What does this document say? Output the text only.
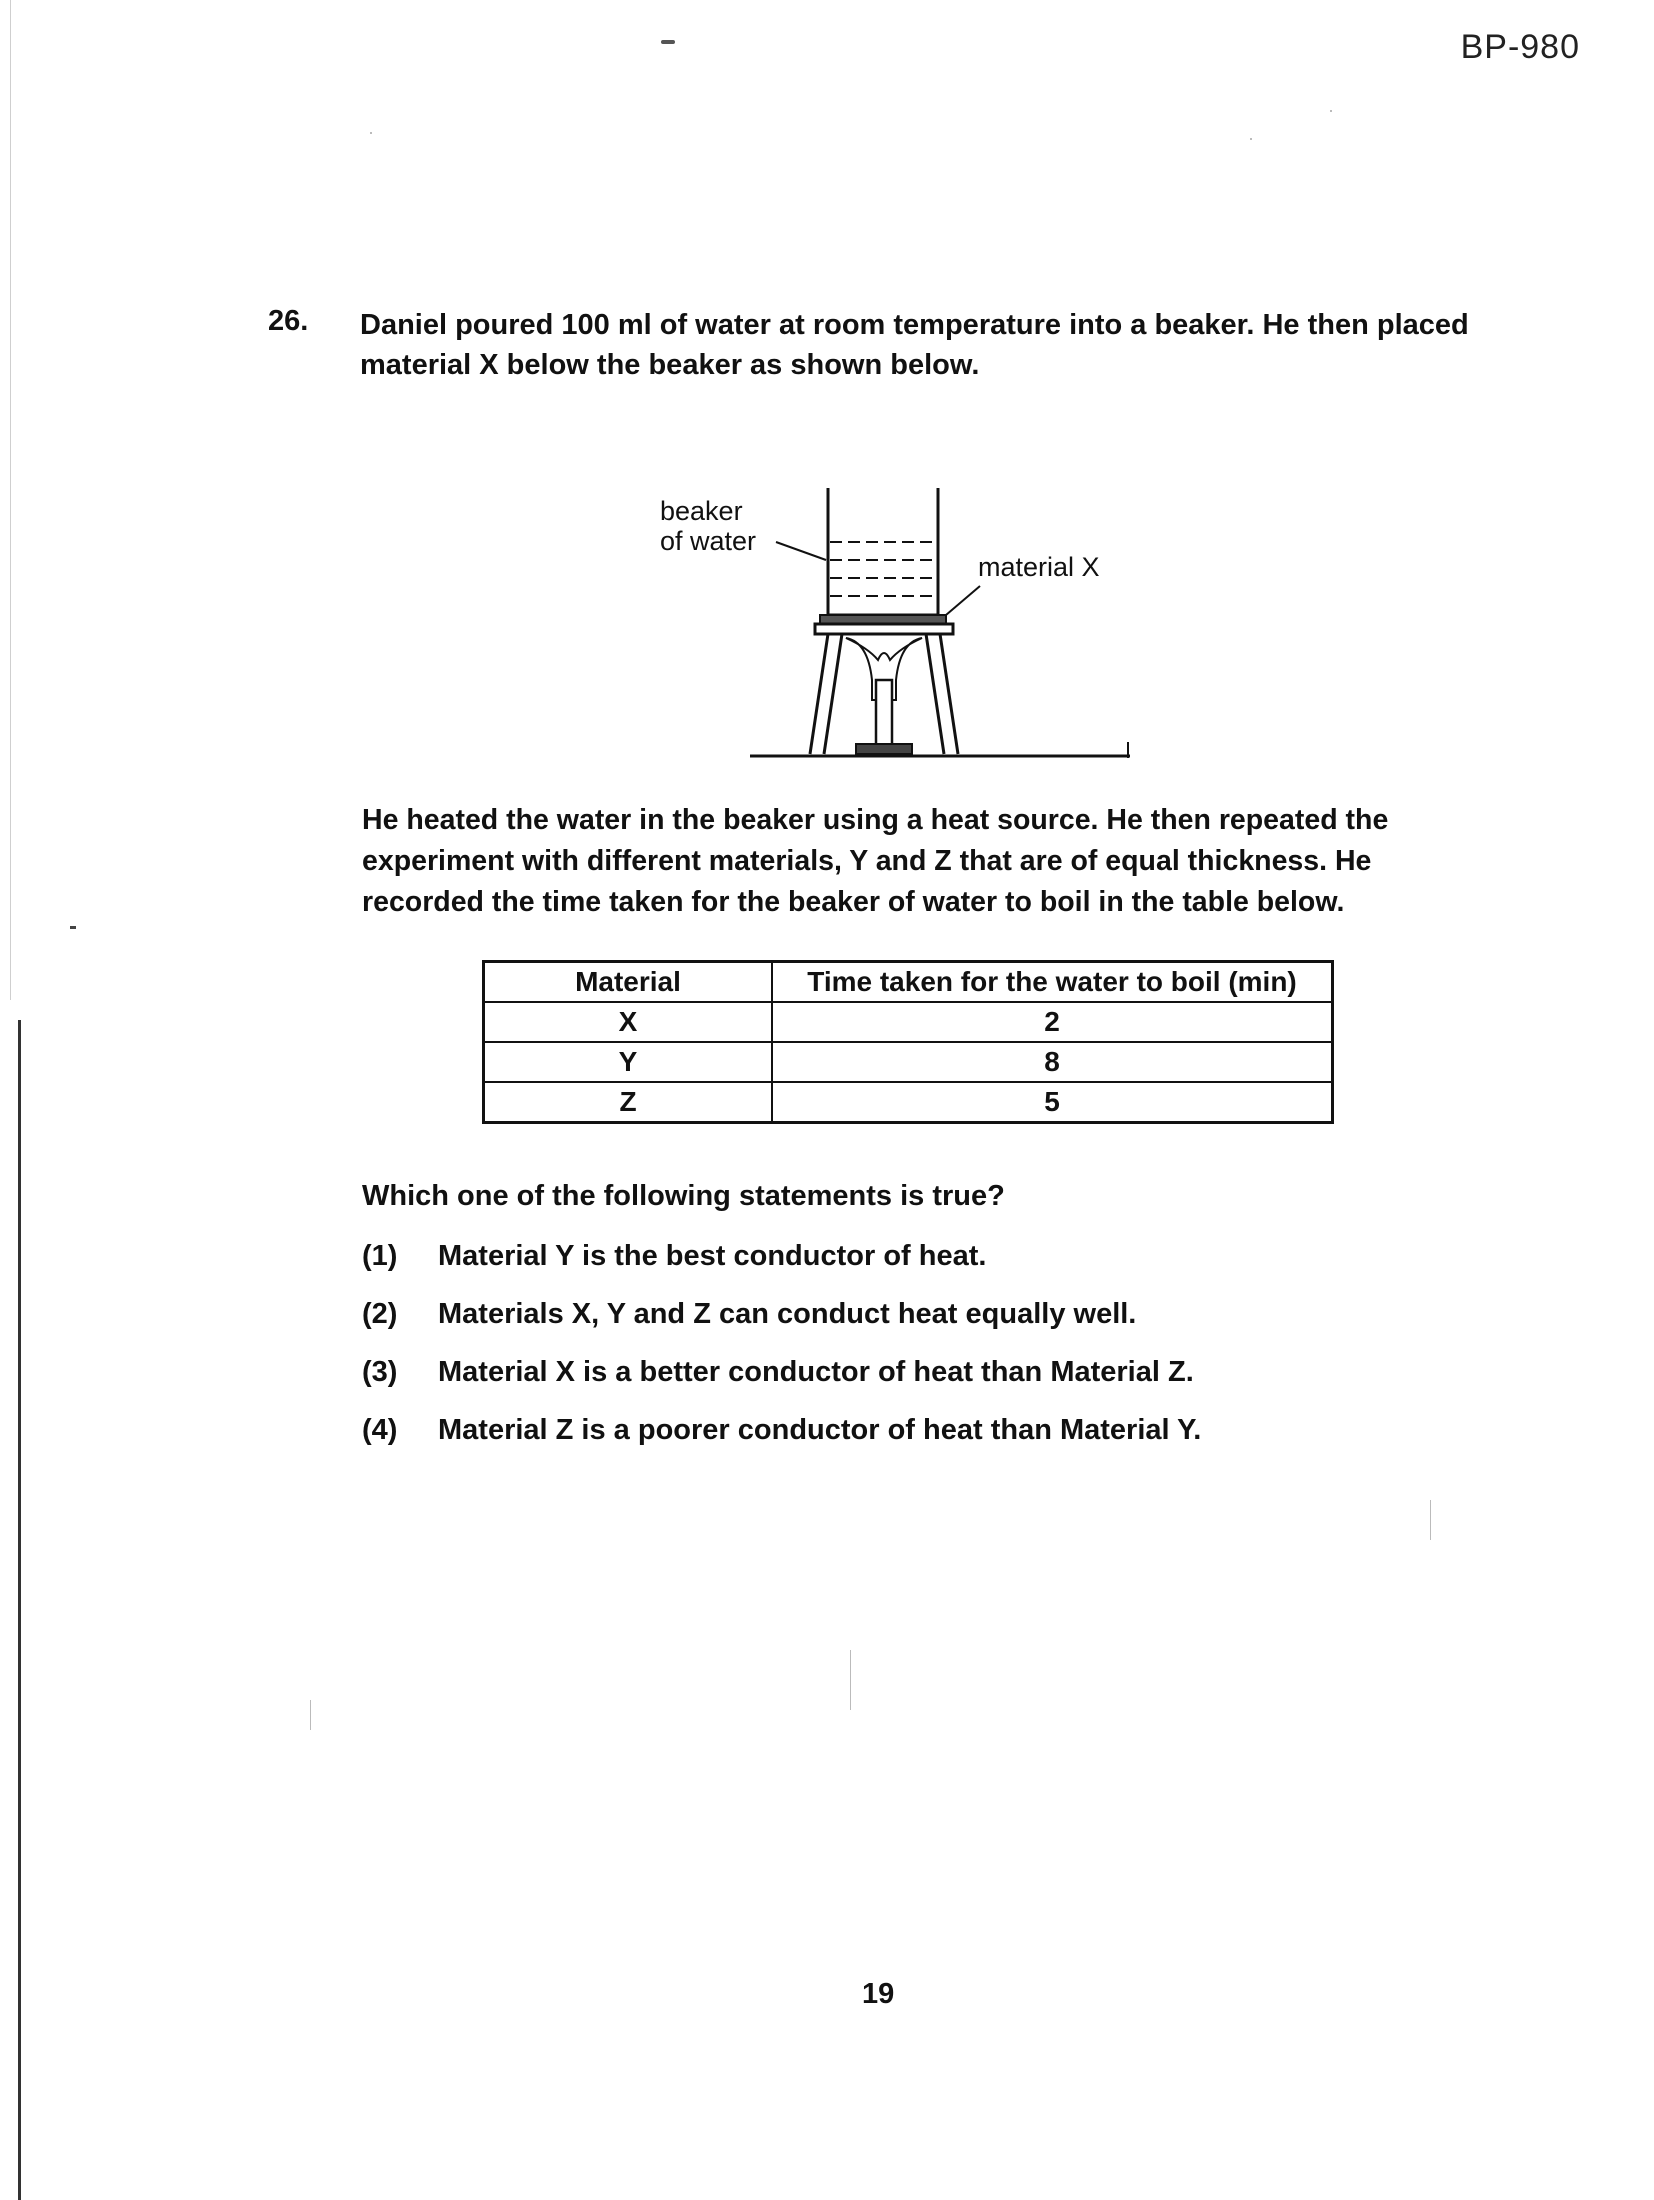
BP-980
26. Daniel poured 100 ml of water at room temperature into a beaker. He then placed material X below the beaker as shown below.
beaker
of water
material X
He heated the water in the beaker using a heat source. He then repeated the experiment with different materials, Y and Z that are of equal thickness. He recorded the time taken for the beaker of water to boil in the table below.
Material	Time taken for the water to boil (min)
X	2
Y	8
Z	5
Which one of the following statements is true?
(1)	Material Y is the best conductor of heat.
(2)	Materials X, Y and Z can conduct heat equally well.
(3)	Material X is a better conductor of heat than Material Z.
(4)	Material Z is a poorer conductor of heat than Material Y.
19
